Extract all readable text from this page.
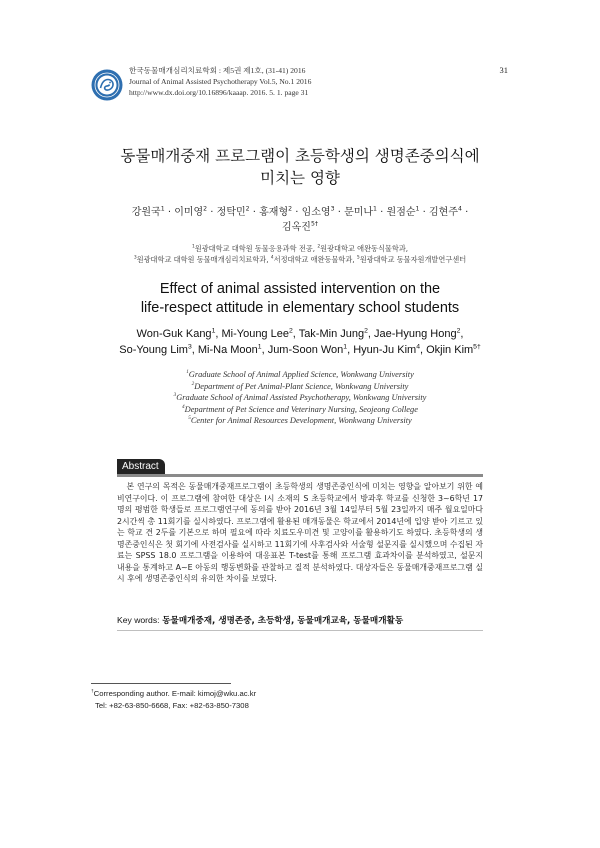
한국동물매개심리치료학회 : 제5권 제1호, (31-41) 2016
Journal of Animal Assisted Psychotherapy Vol.5, No.1 2016
http://www.dx.doi.org/10.16896/kaaap. 2016. 5. 1. page 31
31
동물매개중재 프로그램이 초등학생의 생명존중의식에
미치는 영향
강원국$^1$ · 이미영$^2$ · 정탁민$^2$ · 홍재형$^2$ · 임소영$^3$ · 문미나$^1$ · 원점순$^1$ · 김현주$^4$ ·
김옥진$^{5\dagger}$
$^1$원광대학교 대학원 동물응용과학 전공, $^2$원광대학교 애완동식물학과,
$^3$원광대학교 대학원 동물매개심리치료학과, $^4$서정대학교 애완동물학과, $^5$원광대학교 동물자원개발연구센터
Effect of animal assisted intervention on the
life-respect attitude in elementary school students
Won-Guk Kang$^1$, Mi-Young Lee$^2$, Tak-Min Jung$^2$, Jae-Hyung Hong$^2$,
So-Young Lim$^3$, Mi-Na Moon$^1$, Jum-Soon Won$^1$, Hyun-Ju Kim$^4$, Okjin Kim$^{5\dagger}$
$^1$Graduate School of Animal Applied Science, Wonkwang University
$^2$Department of Pet Animal-Plant Science, Wonkwang University
$^3$Graduate School of Animal Assisted Psychotherapy, Wonkwang University
$^4$Department of Pet Science and Veterinary Nursing, Seojeong College
$^5$Center for Animal Resources Development, Wonkwang University
Abstract

본 연구의 목적은 동물매개중재프로그램이 초등학생의 생명존중인식에 미치는 영향을 알아보기 위한 예비연구이다. 이 프로그램에 참여한 대상은 I시 소재의 S 초등학교에서 방과후 학교를 신청한 3~6학년 17명의 평범한 학생들로 프로그램연구에 동의를 받아 2016년 3월 14일부터 5월 23일까지 매주 월요일마다 2시간씩 총 11회기를 실시하였다. 프로그램에 활용된 매개동물은 학교에서 2014년에 입양 받아 기르고 있는 학교 견 2두를 기본으로 하며 필요에 따라 치료도우미견 및 고양이를 활용하기도 하였다. 초등학생의 생명존중인식은 첫 회기에 사전검사를 실시하고 11회기에 사후검사와 서술형 설문지를 실시했으며 수집된 자료는 SPSS 18.0 프로그램을 이용하여 대응표본 T-test를 통해 프로그램 효과차이를 분석하였고, 설문지 내용을 통계하고 A~E 아동의 행동변화를 관찰하고 질적 분석하였다. 대상자들은 동물매개중재프로그램 실시 후에 생명존중인식의 유의한 차이를 보였다.

Key words: 동물매개중재, 생명존중, 초등학생, 동물매개교육, 동물매개활동
†Corresponding author. E-mail: kimoj@wku.ac.kr
Tel: +82-63-850-6668, Fax: +82-63-850-7308
